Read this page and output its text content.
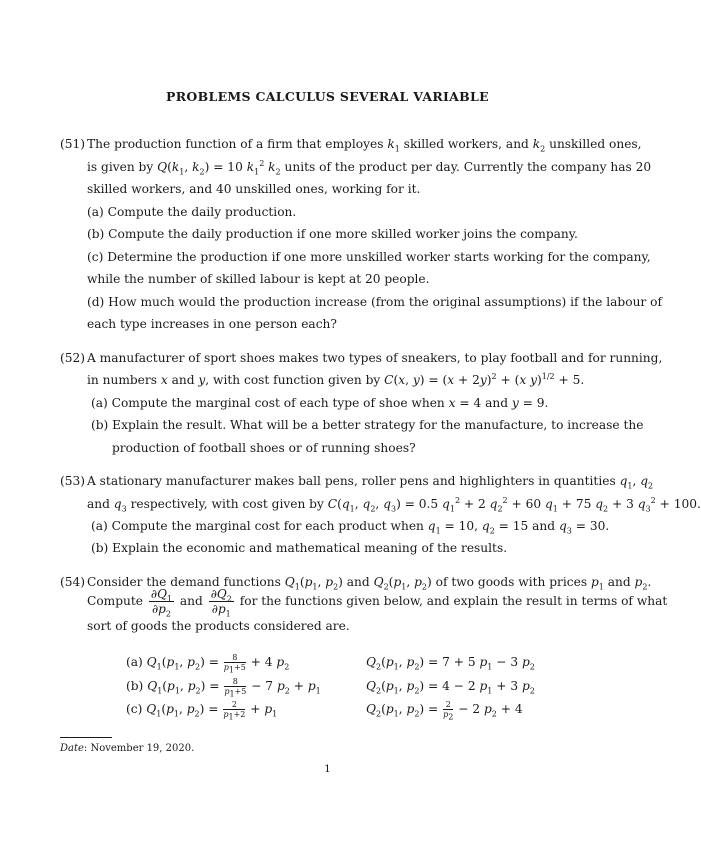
PROBLEMS CALCULUS SEVERAL VARIABLE
(51) The production function of a firm that employes $k_1$ skilled workers, and $k_2$ unskilled ones,
is given by $Q(k_1$, $k_2) = 10$ $k_1^2$ $k_2$ units of the product per day. Currently the company has 20
skilled workers, and 40 unskilled ones, working for it.
(a) Compute the daily production.
(b) Compute the daily production if one more skilled worker joins the company.
(c) Determine the production if one more unskilled worker starts working for the company,
while the number of skilled labour is kept at 20 people.
(d) How much would the production increase (from the original assumptions) if the labour of
each type increases in one person each?
(52) A manufacturer of sport shoes makes two types of sneakers, to play football and for running,
in numbers x and y, with cost function given by C(x, $y) = (x + 2y)^2 + (x$ y)$^{1/2}$ + 5.
(a) Compute the marginal cost of each type of shoe when x = 4 and y = 9.
(b) Explain the result. What will be a better strategy for the manufacture, to increase the
production of football shoes or of running shoes?
(53) A stationary manufacturer makes ball pens, roller pens and highlighters in quantities $q_1$, $q_2$
and $q_3$ respectively, with cost given by $C(q_1$, $q_2$, $q_3) = 0.5$ $q_1^2 + 2$ $q_2^2 + 60$ $q_1 + 75$ $q_2 + 3$ $q_3^2 + 100$.
(a) Compute the marginal cost for each product when $q_1 = 10$, $q_2 = 15$ and $q_3 = 30$.
(b) Explain the economic and mathematical meaning of the results.
(54) Consider the demand functions $Q_1(p_1$, $p_2$) and $Q_2(p_1$, $p_2$) of two goods with prices $p_1$ and $p_2$.
Compute $\frac{\partial Q_1}{\partial p_2}$ and $\frac{\partial Q_2}{\partial p_1}$ for the functions given below, and explain the result in terms of what
sort of goods the products considered are.
(a) $Q_1(p_1$, $p_2) = \frac{8}{p_1+5} + 4$ $p_2$	$Q_2(p_1$, $p_2) = 7 + 5$ $p_1 - 3$ $p_2$
(b) $Q_1(p_1$, $p_2) = \frac{8}{p_1+5} - 7$ $p_2 + p_1$	$Q_2(p_1$, $p_2) = 4 - 2$ $p_1 + 3$ $p_2$
(c) $Q_1(p_1$, $p_2) = \frac{2}{p_1+2} + p_1$	$Q_2(p_1$, $p_2) = \frac{2}{p_2} - 2$ $p_2 + 4$
Date: November 19, 2020.
1
